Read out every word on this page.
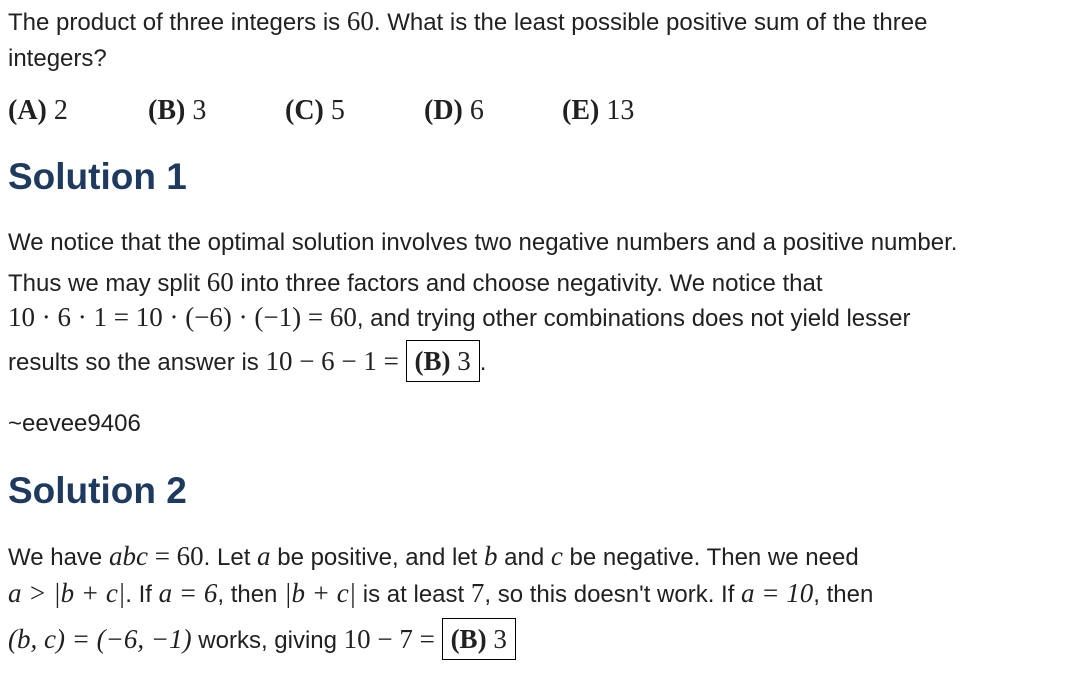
The product of three integers is 60. What is the least possible positive sum of the three
integers?
(A) 2	(B) 3	(C) 5	(D) 6	(E) 13
Solution 1
We notice that the optimal solution involves two negative numbers and a positive number.
Thus we may split 60 into three factors and choose negativity. We notice that
10 · 6 · 1 = 10 · (−6) · (−1) = 60, and trying other combinations does not yield lesser
results so the answer is 10 − 6 − 1 = (B) 3 .
~eevee9406
Solution 2
We have abc = 60. Let a be positive, and let b and c be negative. Then we need
a > |b + c|. If a = 6, then |b + c| is at least 7, so this doesn't work. If a = 10, then
(b, c) = (−6, −1) works, giving 10 − 7 = (B) 3
